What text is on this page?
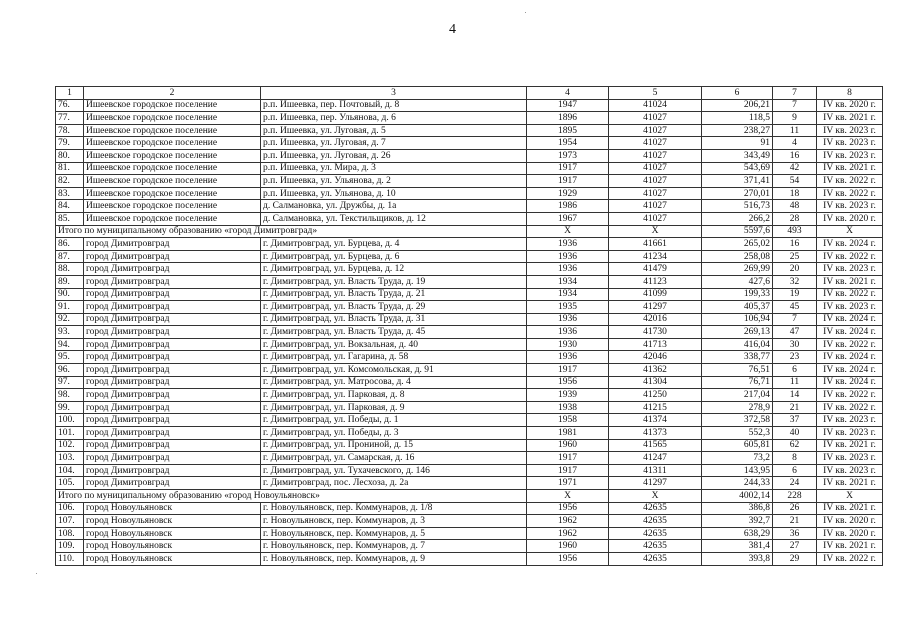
4
1	2	3	4	5	6	7	8
76.	Ишеевское городское поселение	р.п. Ишеевка, пер. Почтовый, д. 8	1947	41024	206,21	7	IV кв. 2020 г.
77.	Ишеевское городское поселение	р.п. Ишеевка, пер. Ульянова, д. 6	1896	41027	118,5	9	IV кв. 2021 г.
78.	Ишеевское городское поселение	р.п. Ишеевка, ул. Луговая, д. 5	1895	41027	238,27	11	IV кв. 2023 г.
79.	Ишеевское городское поселение	р.п. Ишеевка, ул. Луговая, д. 7	1954	41027	91	4	IV кв. 2023 г.
80.	Ишеевское городское поселение	р.п. Ишеевка, ул. Луговая, д. 26	1973	41027	343,49	16	IV кв. 2023 г.
81.	Ишеевское городское поселение	р.п. Ишеевка, ул. Мира, д. 3	1917	41027	543,69	42	IV кв. 2021 г.
82.	Ишеевское городское поселение	р.п. Ишеевка, ул. Ульянова, д. 2	1917	41027	371,41	54	IV кв. 2022 г.
83.	Ишеевское городское поселение	р.п. Ишеевка, ул. Ульянова, д. 10	1929	41027	270,01	18	IV кв. 2022 г.
84.	Ишеевское городское поселение	д. Салмановка, ул. Дружбы, д. 1а	1986	41027	516,73	48	IV кв. 2023 г.
85.	Ишеевское городское поселение	д. Салмановка, ул. Текстильщиков, д. 12	1967	41027	266,2	28	IV кв. 2020 г.
Итого по муниципальному образованию «город Димитровград»			X	X	5597,6	493	X
86.	город Димитровград	г. Димитровград, ул. Бурцева, д. 4	1936	41661	265,02	16	IV кв. 2024 г.
87.	город Димитровград	г. Димитровград, ул. Бурцева, д. 6	1936	41234	258,08	25	IV кв. 2022 г.
88.	город Димитровград	г. Димитровград, ул. Бурцева, д. 12	1936	41479	269,99	20	IV кв. 2023 г.
89.	город Димитровград	г. Димитровград, ул. Власть Труда, д. 19	1934	41123	427,6	32	IV кв. 2021 г.
90.	город Димитровград	г. Димитровград, ул. Власть Труда, д. 21	1934	41099	199,33	19	IV кв. 2022 г.
91.	город Димитровград	г. Димитровград, ул. Власть Труда, д. 29	1935	41297	405,37	45	IV кв. 2023 г.
92.	город Димитровград	г. Димитровград, ул. Власть Труда, д. 31	1936	42016	106,94	7	IV кв. 2024 г.
93.	город Димитровград	г. Димитровград, ул. Власть Труда, д. 45	1936	41730	269,13	47	IV кв. 2024 г.
94.	город Димитровград	г. Димитровград, ул. Вокзальная, д. 40	1930	41713	416,04	30	IV кв. 2022 г.
95.	город Димитровград	г. Димитровград, ул. Гагарина, д. 58	1936	42046	338,77	23	IV кв. 2024 г.
96.	город Димитровград	г. Димитровград, ул. Комсомольская, д. 91	1917	41362	76,51	6	IV кв. 2024 г.
97.	город Димитровград	г. Димитровград, ул. Матросова, д. 4	1956	41304	76,71	11	IV кв. 2024 г.
98.	город Димитровград	г. Димитровград, ул. Парковая, д. 8	1939	41250	217,04	14	IV кв. 2022 г.
99.	город Димитровград	г. Димитровград, ул. Парковая, д. 9	1938	41215	278,9	21	IV кв. 2022 г.
100.	город Димитровград	г. Димитровград, ул. Победы, д. 1	1958	41374	372,58	37	IV кв. 2023 г.
101.	город Димитровград	г. Димитровград, ул. Победы, д. 3	1981	41373	552,3	40	IV кв. 2023 г.
102.	город Димитровград	г. Димитровград, ул. Прониной, д. 15	1960	41565	605,81	62	IV кв. 2021 г.
103.	город Димитровград	г. Димитровград, ул. Самарская, д. 16	1917	41247	73,2	8	IV кв. 2023 г.
104.	город Димитровград	г. Димитровград, ул. Тухачевского, д. 146	1917	41311	143,95	6	IV кв. 2023 г.
105.	город Димитровград	г. Димитровград, пос. Лесхоза, д. 2а	1971	41297	244,33	24	IV кв. 2021 г.
Итого по муниципальному образованию «город Новоульяновск»			X	X	4002,14	228	X
106.	город Новоульяновск	г. Новоульяновск, пер. Коммунаров, д. 1/8	1956	42635	386,8	26	IV кв. 2021 г.
107.	город Новоульяновск	г. Новоульяновск, пер. Коммунаров, д. 3	1962	42635	392,7	21	IV кв. 2020 г.
108.	город Новоульяновск	г. Новоульяновск, пер. Коммунаров, д. 5	1962	42635	638,29	36	IV кв. 2020 г.
109.	город Новоульяновск	г. Новоульяновск, пер. Коммунаров, д. 7	1960	42635	381,4	27	IV кв. 2021 г.
110.	город Новоульяновск	г. Новоульяновск, пер. Коммунаров, д. 9	1956	42635	393,8	29	IV кв. 2022 г.
